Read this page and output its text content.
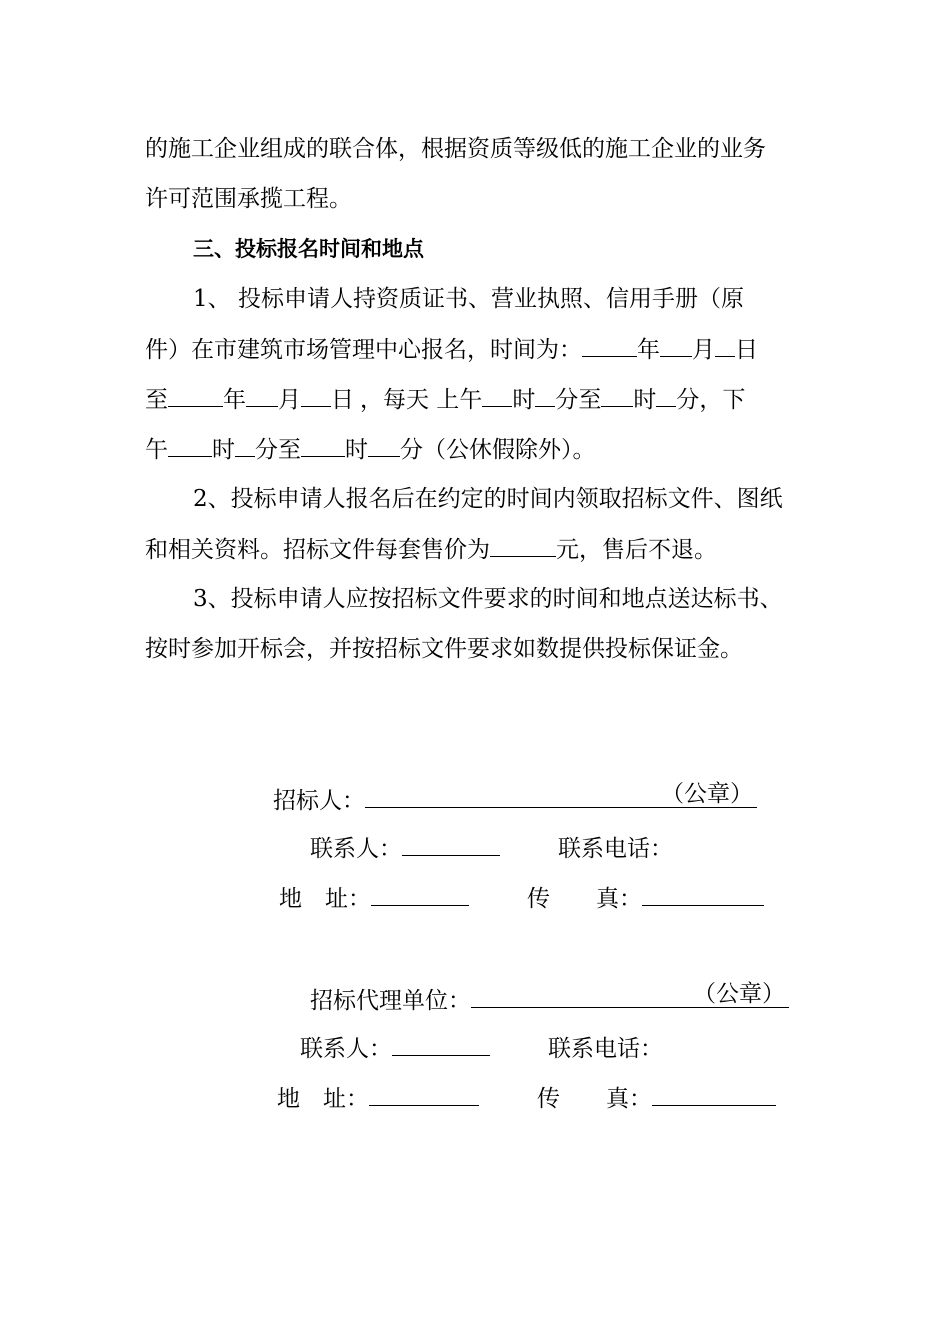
的施工企业组成的联合体，根据资质等级低的施工企业的业务
许可范围承揽工程。
三、投标报名时间和地点
1、 投标申请人持资质证书、营业执照、信用手册（原
件）在市建筑市场管理中心报名，时间为： 年 月 日
至 年 月 日 ，每天 上午 时 分至 时 分，下
午 时 分至 时 分（公休假除外）。
2、投标申请人报名后在约定的时间内领取招标文件、图纸
和相关资料。招标文件每套售价为	元，售后不退。
3、投标申请人应按招标文件要求的时间和地点送达标书、
按时参加开标会，并按招标文件要求如数提供投标保证金。
招标人：	（公章）
联系人：	联系电话：
地　址：	传　　真：
招标代理单位：	（公章）
联系人：	联系电话：
地　址：	传　　真：
